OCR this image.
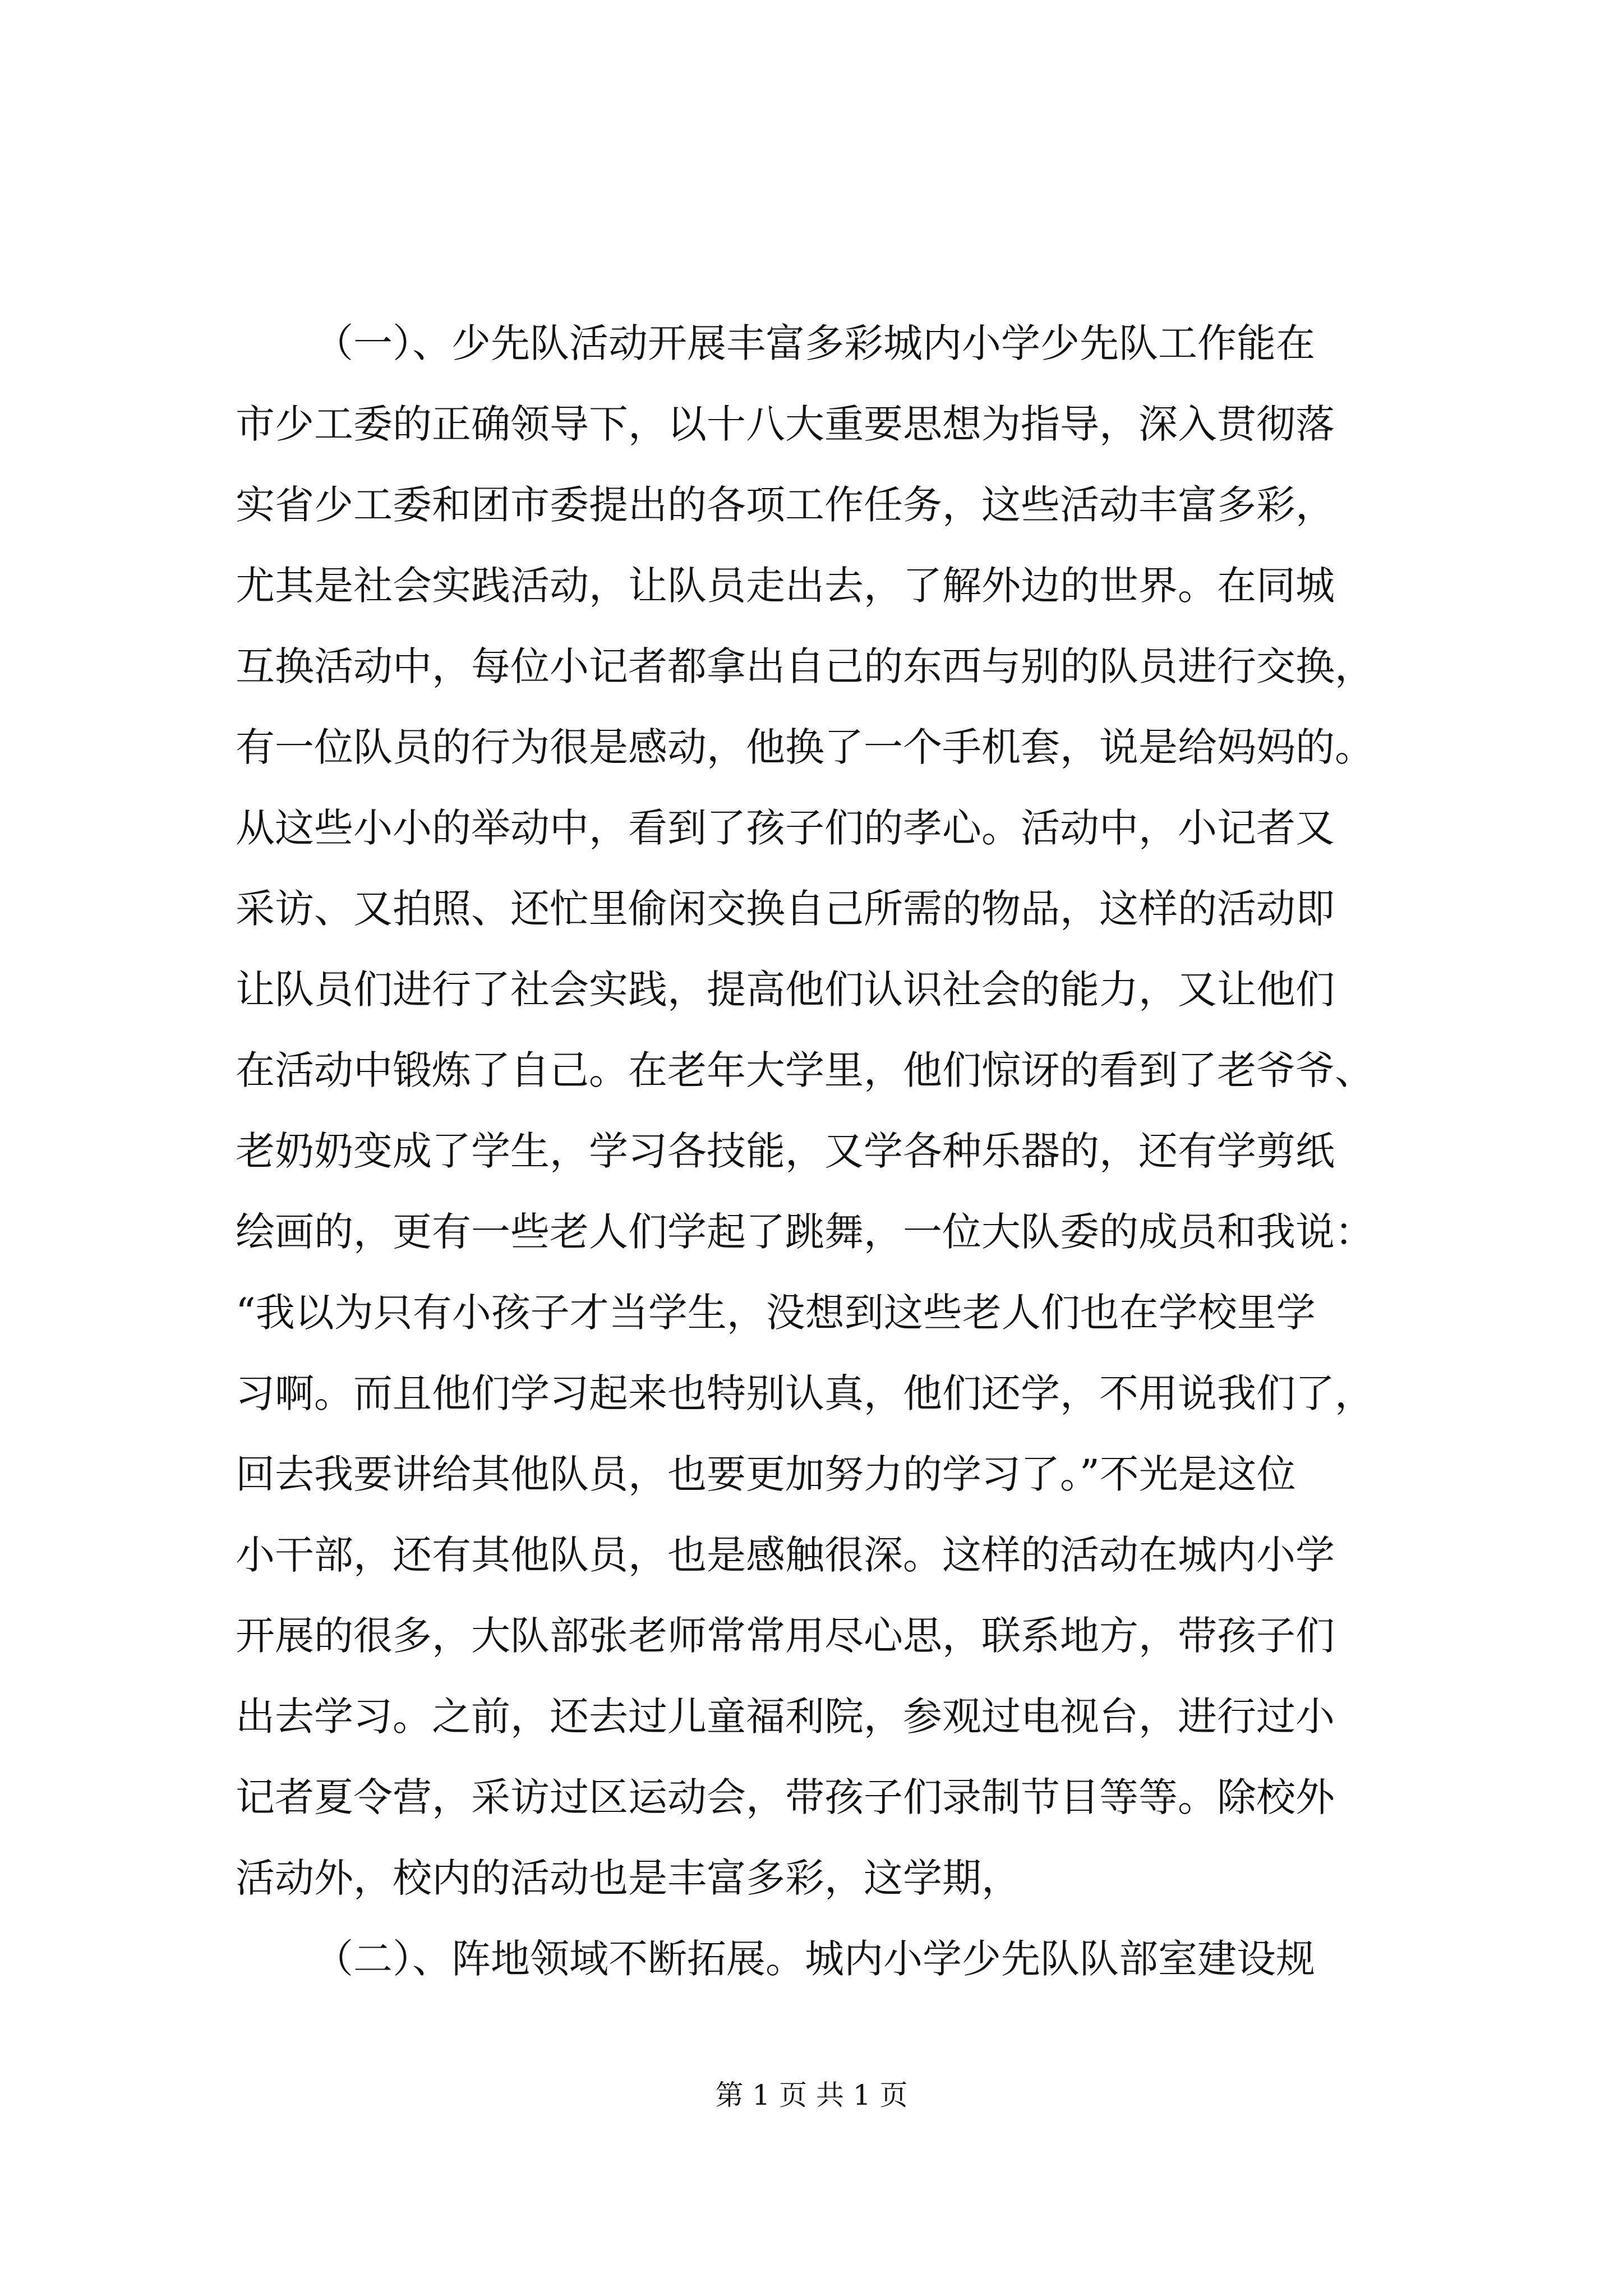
（一）、少先队活动开展丰富多彩城内小学少先队工作能在
市少工委的正确领导下，以十八大重要思想为指导，深入贯彻落
实省少工委和团市委提出的各项工作任务，这些活动丰富多彩，
尤其是社会实践活动，让队员走出去，了解外边的世界。在同城
互换活动中，每位小记者都拿出自己的东西与别的队员进行交换，
有一位队员的行为很是感动，他换了一个手机套，说是给妈妈的。
从这些小小的举动中，看到了孩子们的孝心。活动中，小记者又
采访、又拍照、还忙里偷闲交换自己所需的物品，这样的活动即
让队员们进行了社会实践，提高他们认识社会的能力，又让他们
在活动中锻炼了自己。在老年大学里，他们惊讶的看到了老爷爷、
老奶奶变成了学生，学习各技能，又学各种乐器的，还有学剪纸
绘画的，更有一些老人们学起了跳舞，一位大队委的成员和我说：
“我以为只有小孩子才当学生，没想到这些老人们也在学校里学
习啊。而且他们学习起来也特别认真，他们还学，不用说我们了，
回去我要讲给其他队员，也要更加努力的学习了。”不光是这位
小干部，还有其他队员，也是感触很深。这样的活动在城内小学
开展的很多，大队部张老师常常用尽心思，联系地方，带孩子们
出去学习。之前，还去过儿童福利院，参观过电视台，进行过小
记者夏令营，采访过区运动会，带孩子们录制节目等等。除校外
活动外，校内的活动也是丰富多彩，这学期，
（二）、阵地领域不断拓展。城内小学少先队队部室建设规
第 1 页 共 1 页
